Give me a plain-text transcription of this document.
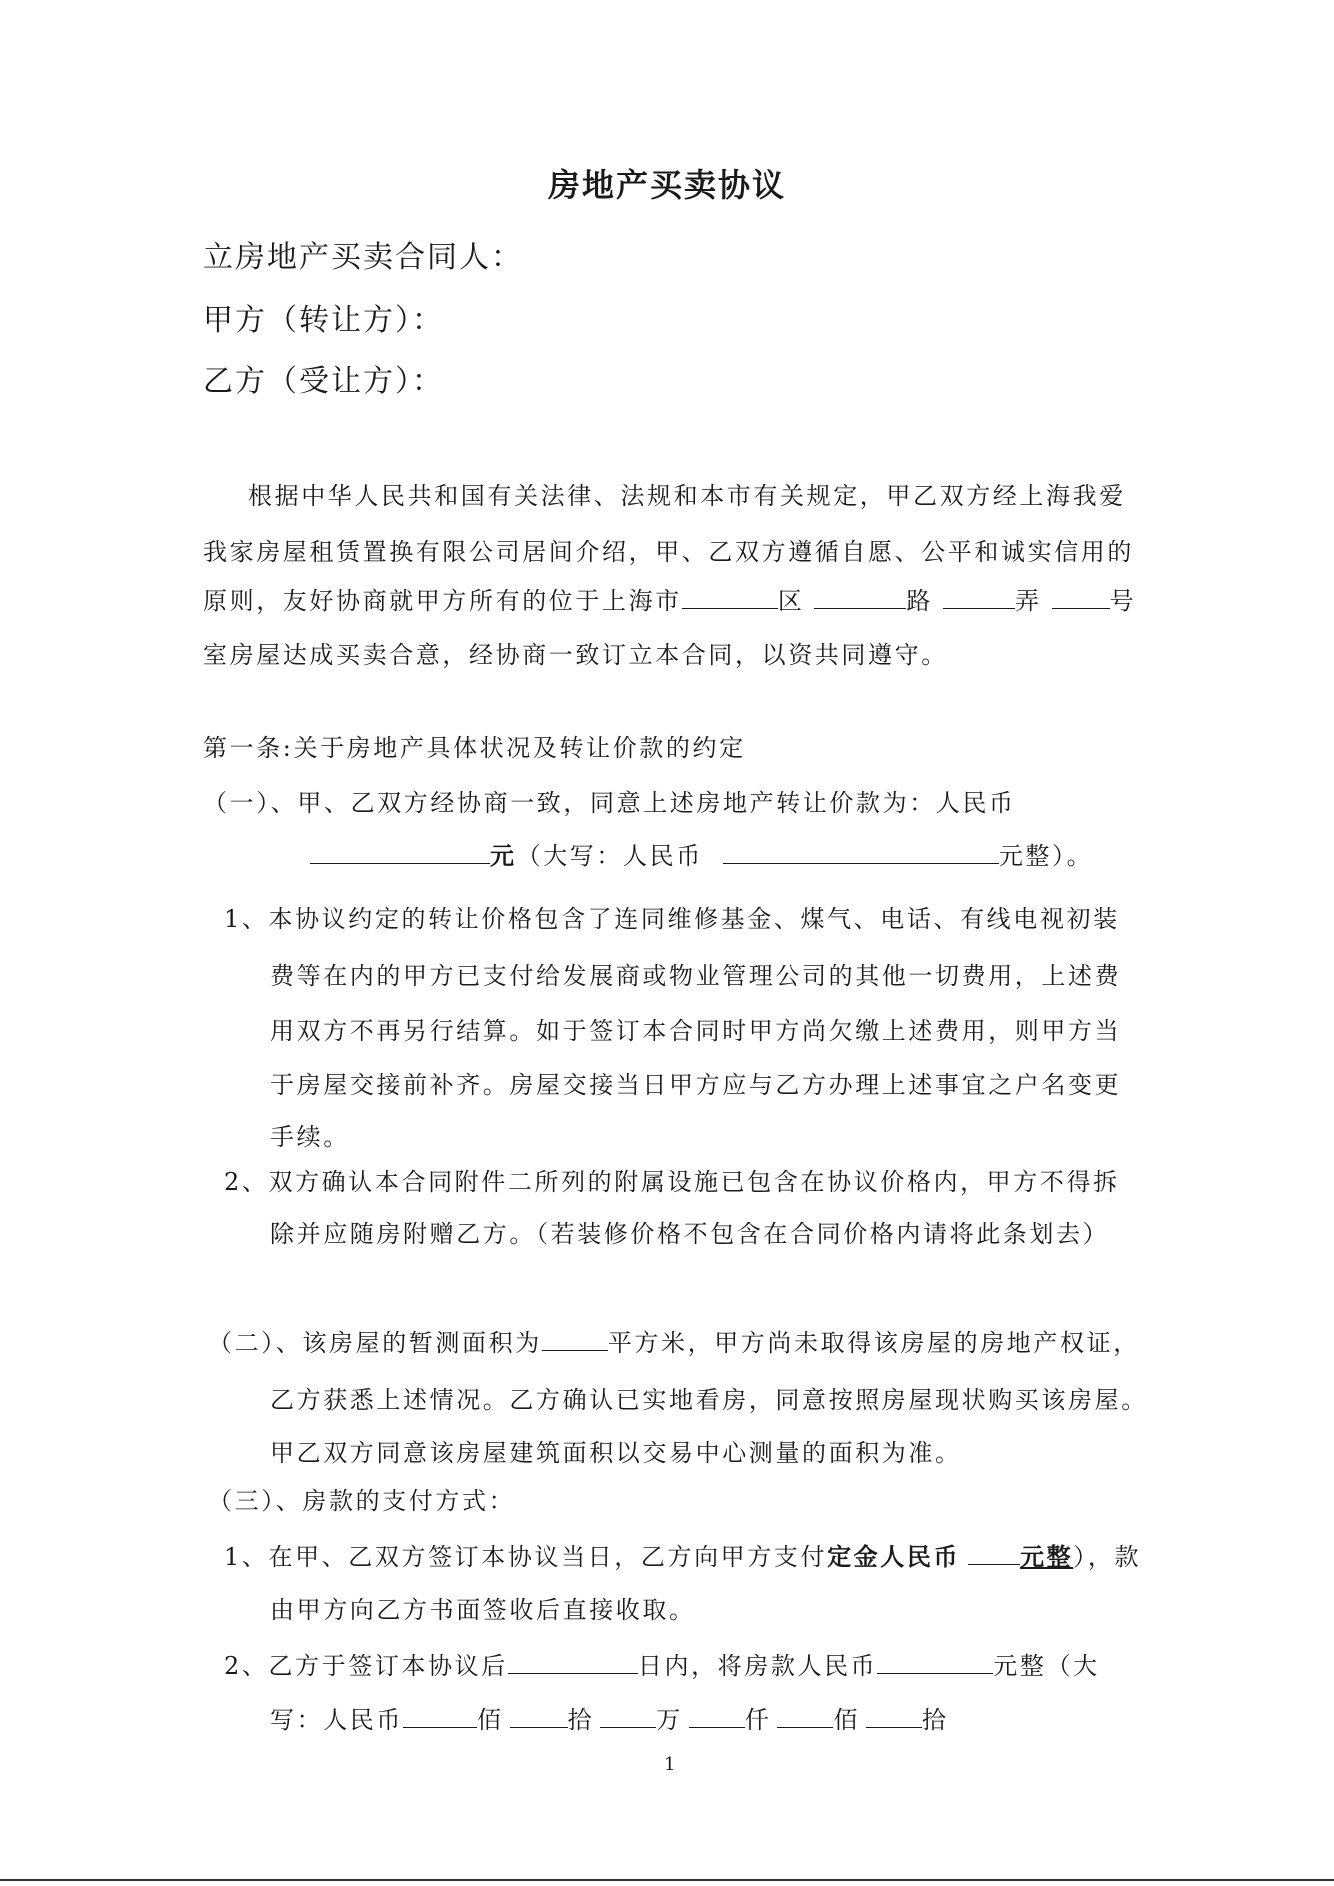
房地产买卖协议
立房地产买卖合同人：
甲方（转让方）：
乙方（受让方）：
根据中华人民共和国有关法律、法规和本市有关规定，甲乙双方经上海我爱
我家房屋租赁置换有限公司居间介绍，甲、乙双方遵循自愿、公平和诚实信用的
原则，友好协商就甲方所有的位于上海市	区	路	弄	号
室房屋达成买卖合意，经协商一致订立本合同，以资共同遵守。
第一条:关于房地产具体状况及转让价款的约定
（一）、甲、乙双方经协商一致，同意上述房地产转让价款为：人民币
元（大写：人民币	元整）。
1、本协议约定的转让价格包含了连同维修基金、煤气、电话、有线电视初装
费等在内的甲方已支付给发展商或物业管理公司的其他一切费用，上述费
用双方不再另行结算。如于签订本合同时甲方尚欠缴上述费用，则甲方当
于房屋交接前补齐。房屋交接当日甲方应与乙方办理上述事宜之户名变更
手续。
2、双方确认本合同附件二所列的附属设施已包含在协议价格内，甲方不得拆
除并应随房附赠乙方。（若装修价格不包含在合同价格内请将此条划去）
（二）、该房屋的暂测面积为	平方米，甲方尚未取得该房屋的房地产权证，
乙方获悉上述情况。乙方确认已实地看房，同意按照房屋现状购买该房屋。
甲乙双方同意该房屋建筑面积以交易中心测量的面积为准。
（三）、房款的支付方式：
1、在甲、乙双方签订本协议当日，乙方向甲方支付定金人民币	元整），款
由甲方向乙方书面签收后直接收取。
2、乙方于签订本协议后	日内，将房款人民币	元整（大
写：人民币	佰	拾	万	仟	佰	拾
1
